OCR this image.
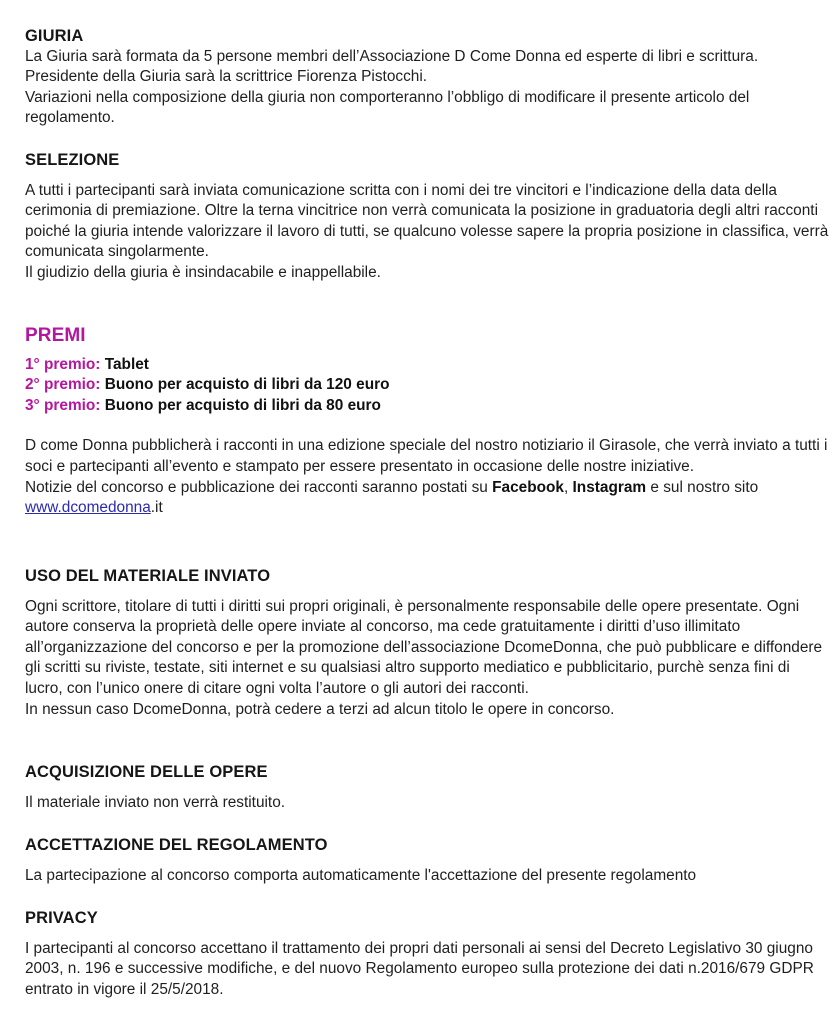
GIURIA

La Giuria sarà formata da 5 persone membri dell’Associazione D Come Donna ed esperte di libri e scrittura.

Presidente della Giuria sarà la scrittrice Fiorenza Pistocchi.

Variazioni nella composizione della giuria non comporteranno l’obbligo di modificare il presente articolo del regolamento.

SELEZIONE

A tutti i partecipanti sarà inviata comunicazione scritta con i nomi dei tre vincitori e l’indicazione della data della cerimonia di premiazione. Oltre la terna vincitrice non verrà comunicata la posizione in graduatoria degli altri racconti poiché la giuria intende valorizzare il lavoro di tutti, se qualcuno volesse sapere la propria posizione in classifica, verrà comunicata singolarmente.

Il giudizio della giuria è insindacabile e inappellabile.

PREMI
1° premio: Tablet
2° premio: Buono per acquisto di libri da 120 euro
3° premio: Buono per acquisto di libri da 80 euro

D come Donna pubblicherà i racconti in una edizione speciale del nostro notiziario il Girasole, che verrà inviato a tutti i soci e partecipanti all’evento e stampato per essere presentato in occasione delle nostre iniziative.

Notizie del concorso e pubblicazione dei racconti saranno postati su Facebook, Instagram e sul nostro sito
www.dcomedonna.it

USO DEL MATERIALE INVIATO

Ogni scrittore, titolare di tutti i diritti sui propri originali, è personalmente responsabile delle opere presentate. Ogni autore conserva la proprietà delle opere inviate al concorso, ma cede gratuitamente i diritti d’uso illimitato all’organizzazione del concorso e per la promozione dell’associazione DcomeDonna, che può pubblicare e diffondere gli scritti su riviste, testate, siti internet e su qualsiasi altro supporto mediatico e pubblicitario, purchè senza fini di lucro, con l’unico onere di citare ogni volta l’autore o gli autori dei racconti.

In nessun caso DcomeDonna, potrà cedere a terzi ad alcun titolo le opere in concorso.

ACQUISIZIONE DELLE OPERE

Il materiale inviato non verrà restituito.

ACCETTAZIONE DEL REGOLAMENTO

La partecipazione al concorso comporta automaticamente l'accettazione del presente regolamento

PRIVACY

I partecipanti al concorso accettano il trattamento dei propri dati personali ai sensi del Decreto Legislativo 30 giugno 2003, n. 196 e successive modifiche, e del nuovo Regolamento europeo sulla protezione dei dati n.2016/679 GDPR entrato in vigore il 25/5/2018.
